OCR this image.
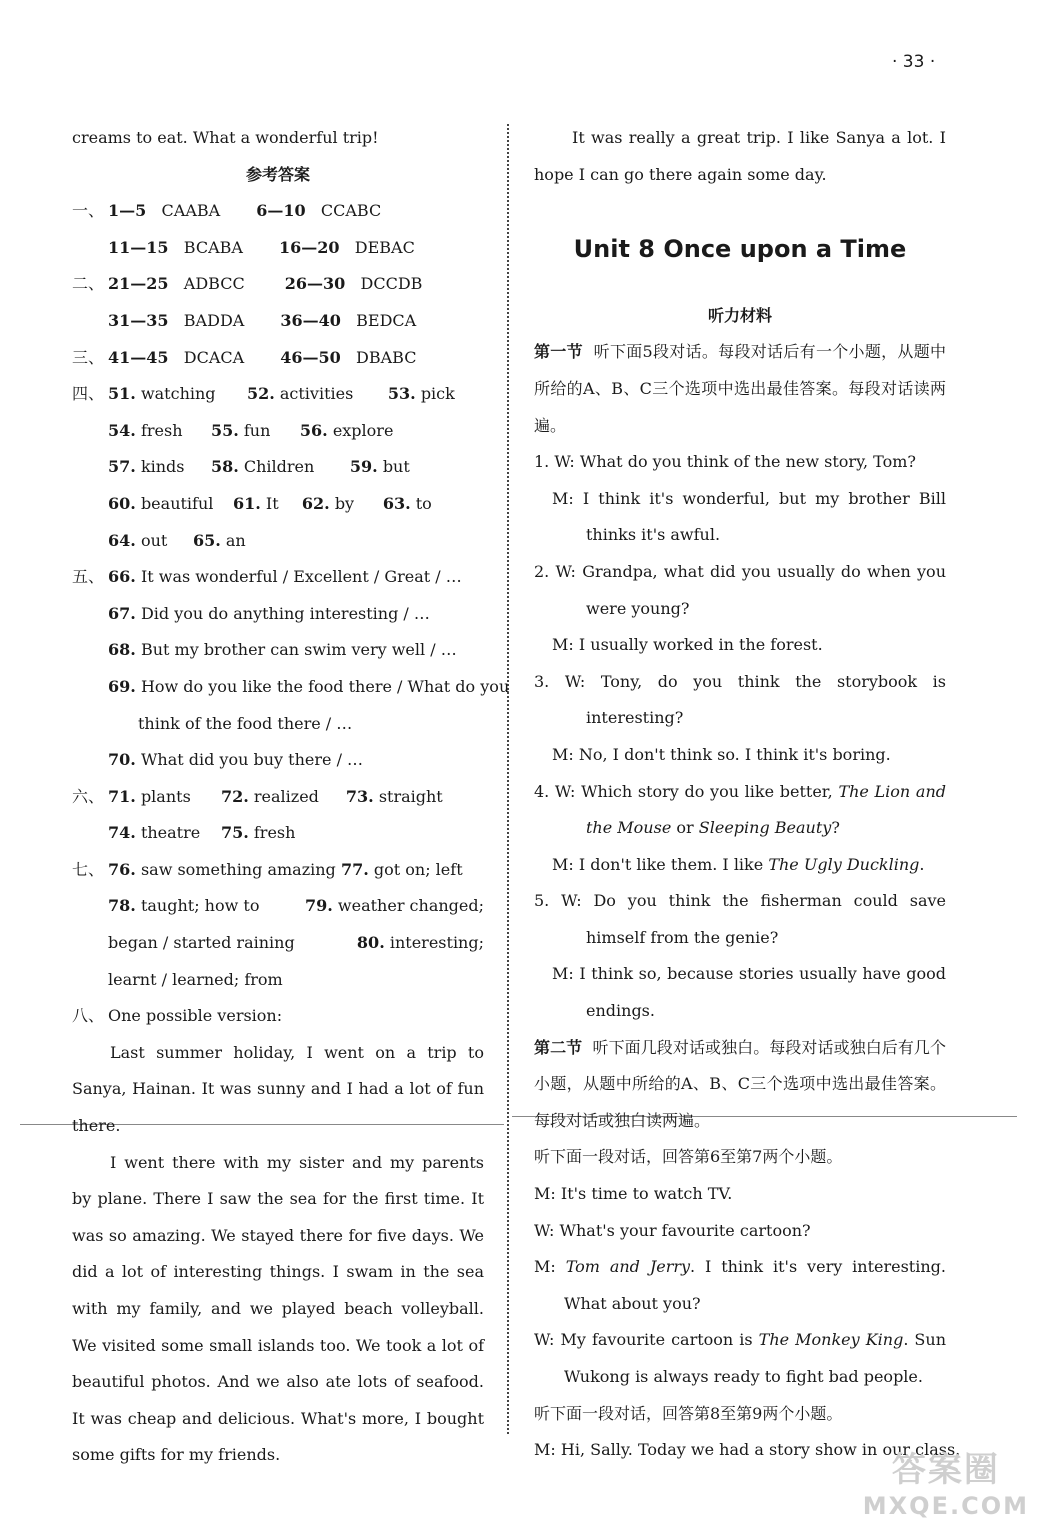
· 33 ·
creams to eat. What a wonderful trip!
参考答案
一、 1—5 CAABA 6—10 CCABC
11—15 BCABA 16—20 DEBAC
二、 21—25 ADBCC	26—30 DCCDB
31—35 BADDA 36—40 BEDCA
三、 41—45 DCACA 46—50 DBABC
四、 51. watching 52. activities 53. pick
54. fresh 55. fun 56. explore
57. kinds 58. Children 59. but
60. beautiful 61. It 62. by 63. to
64. out 65. an
五、 66. It was wonderful / Excellent / Great / …
67. Did you do anything interesting / …
68. But my brother can swim very well / …
69. How do you like the food there / What do you
think of the food there / …
70. What did you buy there / …
六、 71. plants 72. realized 73. straight
74. theatre 75. fresh
七、 76. saw something amazing 77. got on; left
78. taught; how to	79. weather changed;
began / started raining	80. interesting;
learnt / learned; from
八、 One possible version:
Last summer holiday, I went on a trip to Sanya, Hainan. It was sunny and I had a lot of fun there.
I went there with my sister and my parents by plane. There I saw the sea for the first time. It was so amazing. We stayed there for five days. We did a lot of interesting things. I swam in the sea with my family, and we played beach volleyball. We visited some small islands too. We took a lot of beautiful photos. And we also ate lots of seafood. It was cheap and delicious. What's more, I bought some gifts for my friends.
It was really a great trip. I like Sanya a lot. I hope I can go there again some day.
Unit 8 Once upon a Time
听力材料
第一节 听下面5段对话。每段对话后有一个小题，从题中所给的A、B、C三个选项中选出最佳答案。每段对话读两遍。
1. W: What do you think of the new story, Tom?
M: I think it's wonderful, but my brother Bill thinks it's awful.
2. W: Grandpa, what did you usually do when you were young?
M: I usually worked in the forest.
3. W: Tony, do you think the storybook is interesting?
M: No, I don't think so. I think it's boring.
4. W: Which story do you like better, The Lion and the Mouse or Sleeping Beauty?
M: I don't like them. I like The Ugly Duckling.
5. W: Do you think the fisherman could save himself from the genie?
M: I think so, because stories usually have good endings.
第二节 听下面几段对话或独白。每段对话或独白后有几个小题，从题中所给的A、B、C三个选项中选出最佳答案。每段对话或独白读两遍。
听下面一段对话，回答第6至第7两个小题。
M: It's time to watch TV.
W: What's your favourite cartoon?
M: Tom and Jerry. I think it's very interesting. What about you?
W: My favourite cartoon is The Monkey King. Sun Wukong is always ready to fight bad people.
听下面一段对话，回答第8至第9两个小题。
M: Hi, Sally. Today we had a story show in our class.
答案圈
MXQE.COM
